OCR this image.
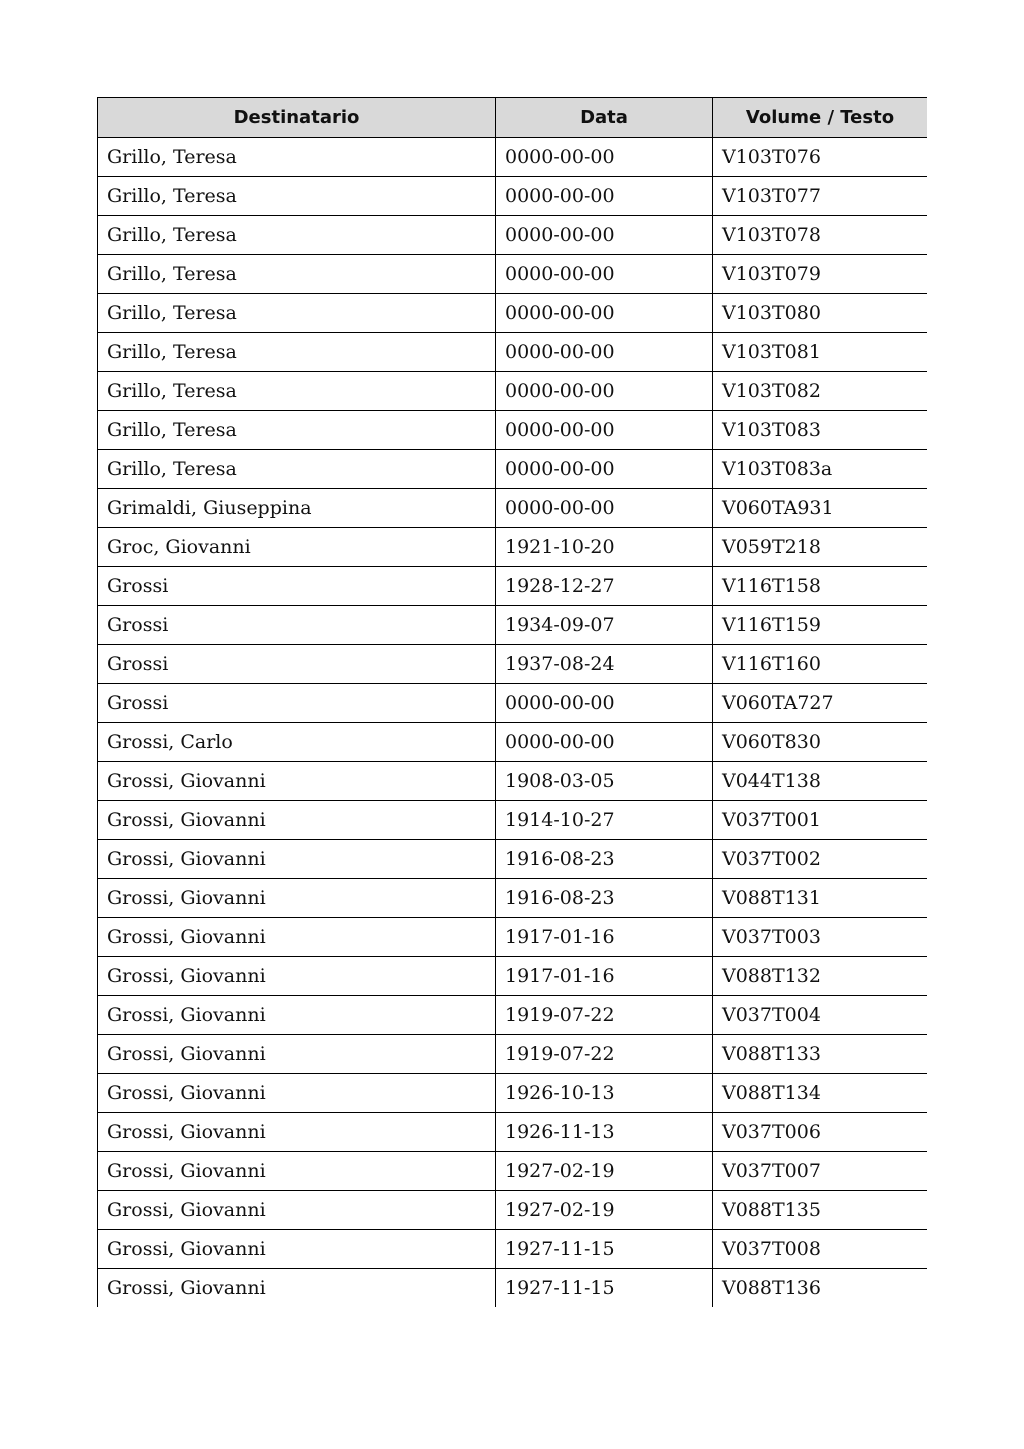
Destinatario	Data	Volume / Testo
Grillo, Teresa	0000-00-00	V103T076
Grillo, Teresa	0000-00-00	V103T077
Grillo, Teresa	0000-00-00	V103T078
Grillo, Teresa	0000-00-00	V103T079
Grillo, Teresa	0000-00-00	V103T080
Grillo, Teresa	0000-00-00	V103T081
Grillo, Teresa	0000-00-00	V103T082
Grillo, Teresa	0000-00-00	V103T083
Grillo, Teresa	0000-00-00	V103T083a
Grimaldi, Giuseppina	0000-00-00	V060TA931
Groc, Giovanni	1921-10-20	V059T218
Grossi	1928-12-27	V116T158
Grossi	1934-09-07	V116T159
Grossi	1937-08-24	V116T160
Grossi	0000-00-00	V060TA727
Grossi, Carlo	0000-00-00	V060T830
Grossi, Giovanni	1908-03-05	V044T138
Grossi, Giovanni	1914-10-27	V037T001
Grossi, Giovanni	1916-08-23	V037T002
Grossi, Giovanni	1916-08-23	V088T131
Grossi, Giovanni	1917-01-16	V037T003
Grossi, Giovanni	1917-01-16	V088T132
Grossi, Giovanni	1919-07-22	V037T004
Grossi, Giovanni	1919-07-22	V088T133
Grossi, Giovanni	1926-10-13	V088T134
Grossi, Giovanni	1926-11-13	V037T006
Grossi, Giovanni	1927-02-19	V037T007
Grossi, Giovanni	1927-02-19	V088T135
Grossi, Giovanni	1927-11-15	V037T008
Grossi, Giovanni	1927-11-15	V088T136
